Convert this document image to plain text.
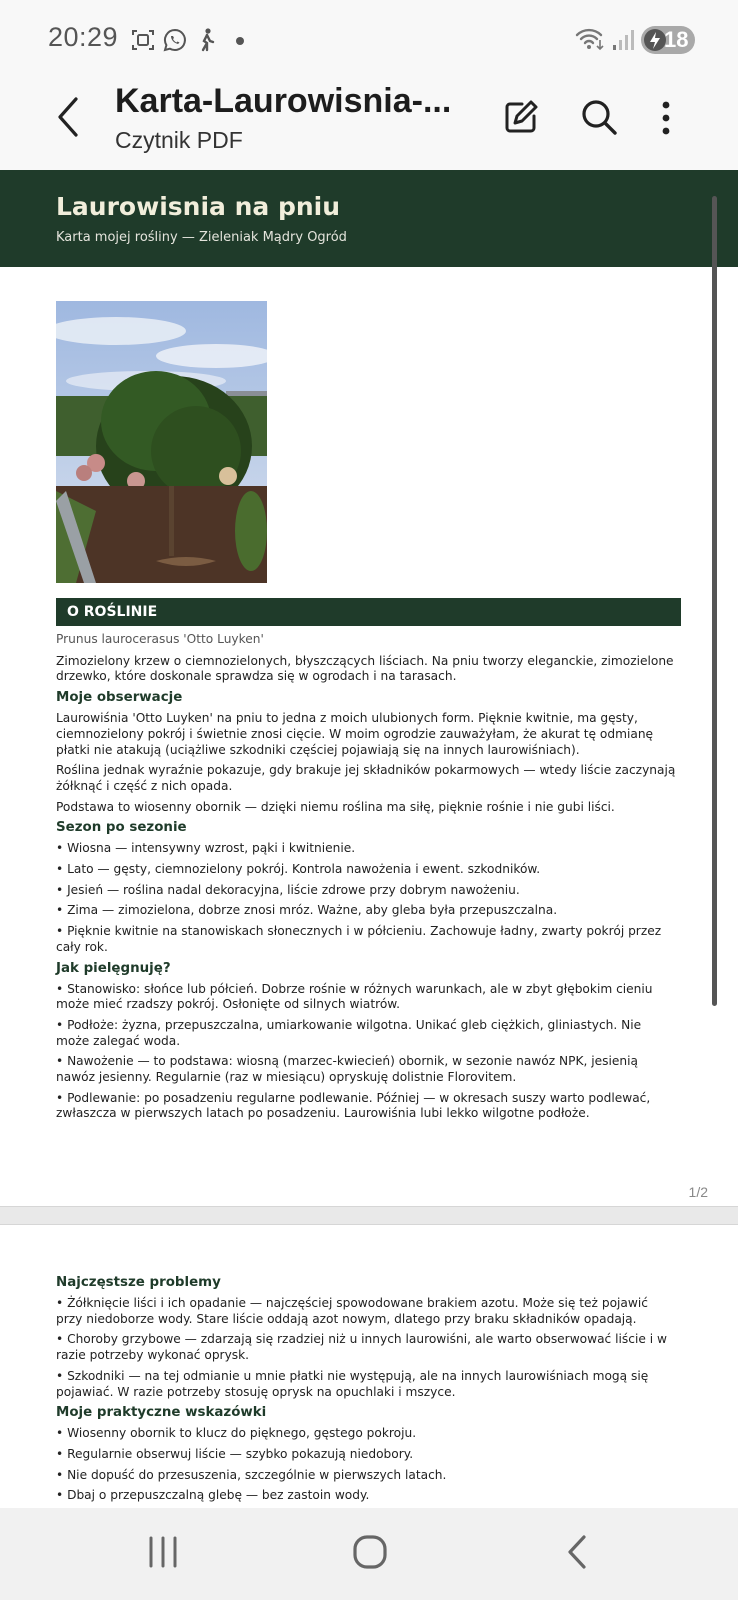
20:29	18
Karta-Laurowisnia-...
Czytnik PDF
Laurowisnia na pniu
Karta mojej rośliny — Zieleniak Mądry Ogród
O ROŚLINIE

Prunus laurocerasus 'Otto Luyken'

Zimozielony krzew o ciemnozielonych, błyszczących liściach. Na pniu tworzy eleganckie, zimozielone drzewko, które doskonale sprawdza się w ogrodach i na tarasach.

Moje obserwacje

Laurowiśnia 'Otto Luyken' na pniu to jedna z moich ulubionych form. Pięknie kwitnie, ma gęsty, ciemnozielony pokrój i świetnie znosi cięcie. W moim ogrodzie zauważyłam, że akurat tę odmianę płatki nie atakują (uciążliwe szkodniki częściej pojawiają się na innych laurowiśniach).

Roślina jednak wyraźnie pokazuje, gdy brakuje jej składników pokarmowych — wtedy liście zaczynają żółknąć i część z nich opada.

Podstawa to wiosenny obornik — dzięki niemu roślina ma siłę, pięknie rośnie i nie gubi liści.

Sezon po sezonie

• Wiosna — intensywny wzrost, pąki i kwitnienie.

• Lato — gęsty, ciemnozielony pokrój. Kontrola nawożenia i ewent. szkodników.

• Jesień — roślina nadal dekoracyjna, liście zdrowe przy dobrym nawożeniu.

• Zima — zimozielona, dobrze znosi mróz. Ważne, aby gleba była przepuszczalna.

• Pięknie kwitnie na stanowiskach słonecznych i w półcieniu. Zachowuje ładny, zwarty pokrój przez cały rok.

Jak pielęgnuję?

• Stanowisko: słońce lub półcień. Dobrze rośnie w różnych warunkach, ale w zbyt głębokim cieniu może mieć rzadszy pokrój. Osłonięte od silnych wiatrów.

• Podłoże: żyzna, przepuszczalna, umiarkowanie wilgotna. Unikać gleb ciężkich, gliniastych. Nie może zalegać woda.

• Nawożenie — to podstawa: wiosną (marzec-kwiecień) obornik, w sezonie nawóz NPK, jesienią nawóz jesienny. Regularnie (raz w miesiącu) opryskuję dolistnie Florovitem.

• Podlewanie: po posadzeniu regularne podlewanie. Później — w okresach suszy warto podlewać, zwłaszcza w pierwszych latach po posadzeniu. Laurowiśnia lubi lekko wilgotne podłoże.

1/2
Najczęstsze problemy

• Żółknięcie liści i ich opadanie — najczęściej spowodowane brakiem azotu. Może się też pojawić przy niedoborze wody. Stare liście oddają azot nowym, dlatego przy braku składników opadają.

• Choroby grzybowe — zdarzają się rzadziej niż u innych laurowiśni, ale warto obserwować liście i w razie potrzeby wykonać oprysk.

• Szkodniki — na tej odmianie u mnie płatki nie występują, ale na innych laurowiśniach mogą się pojawiać. W razie potrzeby stosuję oprysk na opuchlaki i mszyce.

Moje praktyczne wskazówki

• Wiosenny obornik to klucz do pięknego, gęstego pokroju.

• Regularnie obserwuj liście — szybko pokazują niedobory.

• Nie dopuść do przesuszenia, szczególnie w pierwszych latach.

• Dbaj o przepuszczalną glebę — bez zastoin wody.
